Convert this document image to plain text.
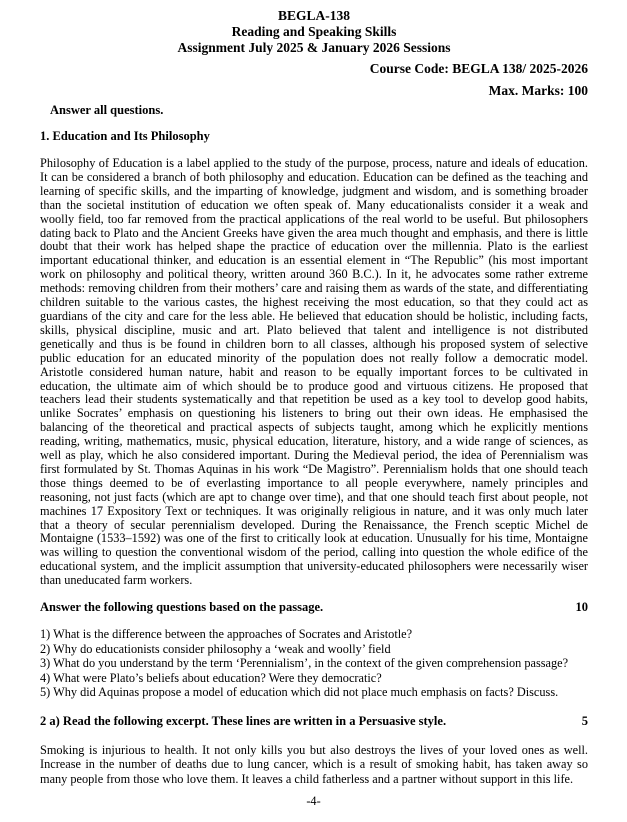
BEGLA-138
Reading and Speaking Skills
Assignment July 2025 & January 2026 Sessions
Course Code: BEGLA 138/ 2025-2026
Max. Marks: 100
Answer all questions.
1. Education and Its Philosophy
Philosophy of Education is a label applied to the study of the purpose, process, nature and ideals of education. It can be considered a branch of both philosophy and education. Education can be defined as the teaching and learning of specific skills, and the imparting of knowledge, judgment and wisdom, and is something broader than the societal institution of education we often speak of. Many educationalists consider it a weak and woolly field, too far removed from the practical applications of the real world to be useful. But philosophers dating back to Plato and the Ancient Greeks have given the area much thought and emphasis, and there is little doubt that their work has helped shape the practice of education over the millennia. Plato is the earliest important educational thinker, and education is an essential element in “The Republic” (his most important work on philosophy and political theory, written around 360 B.C.). In it, he advocates some rather extreme methods: removing children from their mothers’ care and raising them as wards of the state, and differentiating children suitable to the various castes, the highest receiving the most education, so that they could act as guardians of the city and care for the less able. He believed that education should be holistic, including facts, skills, physical discipline, music and art. Plato believed that talent and intelligence is not distributed genetically and thus is be found in children born to all classes, although his proposed system of selective public education for an educated minority of the population does not really follow a democratic model. Aristotle considered human nature, habit and reason to be equally important forces to be cultivated in education, the ultimate aim of which should be to produce good and virtuous citizens. He proposed that teachers lead their students systematically and that repetition be used as a key tool to develop good habits, unlike Socrates’ emphasis on questioning his listeners to bring out their own ideas. He emphasised the balancing of the theoretical and practical aspects of subjects taught, among which he explicitly mentions reading, writing, mathematics, music, physical education, literature, history, and a wide range of sciences, as well as play, which he also considered important. During the Medieval period, the idea of Perennialism was first formulated by St. Thomas Aquinas in his work “De Magistro”. Perennialism holds that one should teach those things deemed to be of everlasting importance to all people everywhere, namely principles and reasoning, not just facts (which are apt to change over time), and that one should teach first about people, not machines 17 Expository Text or techniques. It was originally religious in nature, and it was only much later that a theory of secular perennialism developed. During the Renaissance, the French sceptic Michel de Montaigne (1533–1592) was one of the first to critically look at education. Unusually for his time, Montaigne was willing to question the conventional wisdom of the period, calling into question the whole edifice of the educational system, and the implicit assumption that university-educated philosophers were necessarily wiser than uneducated farm workers.
Answer the following questions based on the passage.	10
1) What is the difference between the approaches of Socrates and Aristotle?
2) Why do educationists consider philosophy a ‘weak and woolly’ field
3) What do you understand by the term ‘Perennialism’, in the context of the given comprehension passage?
4) What were Plato’s beliefs about education? Were they democratic?
5) Why did Aquinas propose a model of education which did not place much emphasis on facts? Discuss.
2 a) Read the following excerpt. These lines are written in a Persuasive style.	5
Smoking is injurious to health. It not only kills you but also destroys the lives of your loved ones as well. Increase in the number of deaths due to lung cancer, which is a result of smoking habit, has taken away so many people from those who love them. It leaves a child fatherless and a partner without support in this life.
-4-
